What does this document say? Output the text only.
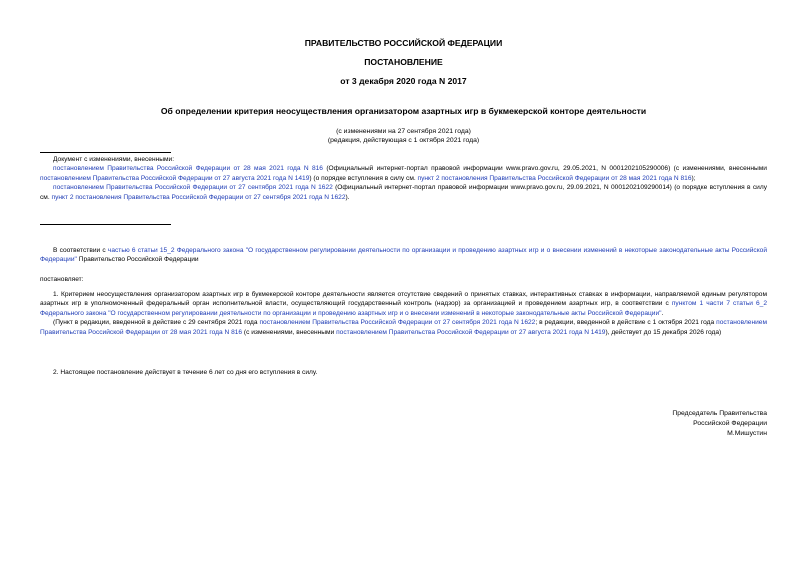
ПРАВИТЕЛЬСТВО РОССИЙСКОЙ ФЕДЕРАЦИИ
ПОСТАНОВЛЕНИЕ
от 3 декабря 2020 года N 2017
Об определении критерия неосуществления организатором азартных игр в букмекерской конторе деятельности
(с изменениями на 27 сентября 2021 года)
(редакция, действующая с 1 октября 2021 года)

Документ с изменениями, внесенными:

постановлением Правительства Российской Федерации от 28 мая 2021 года N 816 (Официальный интернет-портал правовой информации www.pravo.gov.ru, 29.05.2021, N 0001202105290006) (с изменениями, внесенными постановлением Правительства Российской Федерации от 27 августа 2021 года N 1419) (о порядке вступления в силу см. пункт 2 постановления Правительства Российской Федерации от 28 мая 2021 года N 816);

постановлением Правительства Российской Федерации от 27 сентября 2021 года N 1622 (Официальный интернет-портал правовой информации www.pravo.gov.ru, 29.09.2021, N 0001202109290014) (о порядке вступления в силу см. пункт 2 постановления Правительства Российской Федерации от 27 сентября 2021 года N 1622).

В соответствии с частью 6 статьи 15_2 Федерального закона "О государственном регулировании деятельности по организации и проведению азартных игр и о внесении изменений в некоторые законодательные акты Российской Федерации" Правительство Российской Федерации

постановляет:

1. Критерием неосуществления организатором азартных игр в букмекерской конторе деятельности является отсутствие сведений о принятых ставках, интерактивных ставках в информации, направляемой единым регулятором азартных игр в уполномоченный федеральный орган исполнительной власти, осуществляющий государственный контроль (надзор) за организацией и проведением азартных игр, в соответствии с пунктом 1 части 7 статьи 6_2 Федерального закона "О государственном регулировании деятельности по организации и проведению азартных игр и о внесении изменений в некоторые законодательные акты Российской Федерации".

(Пункт в редакции, введенной в действие с 29 сентября 2021 года постановлением Правительства Российской Федерации от 27 сентября 2021 года N 1622; в редакции, введенной в действие с 1 октября 2021 года постановлением Правительства Российской Федерации от 28 мая 2021 года N 816 (с изменениями, внесенными постановлением Правительства Российской Федерации от 27 августа 2021 года N 1419), действует до 15 декабря 2026 года)

2. Настоящее постановление действует в течение 6 лет со дня его вступления в силу.
Председатель Правительства
Российской Федерации
М.Мишустин
